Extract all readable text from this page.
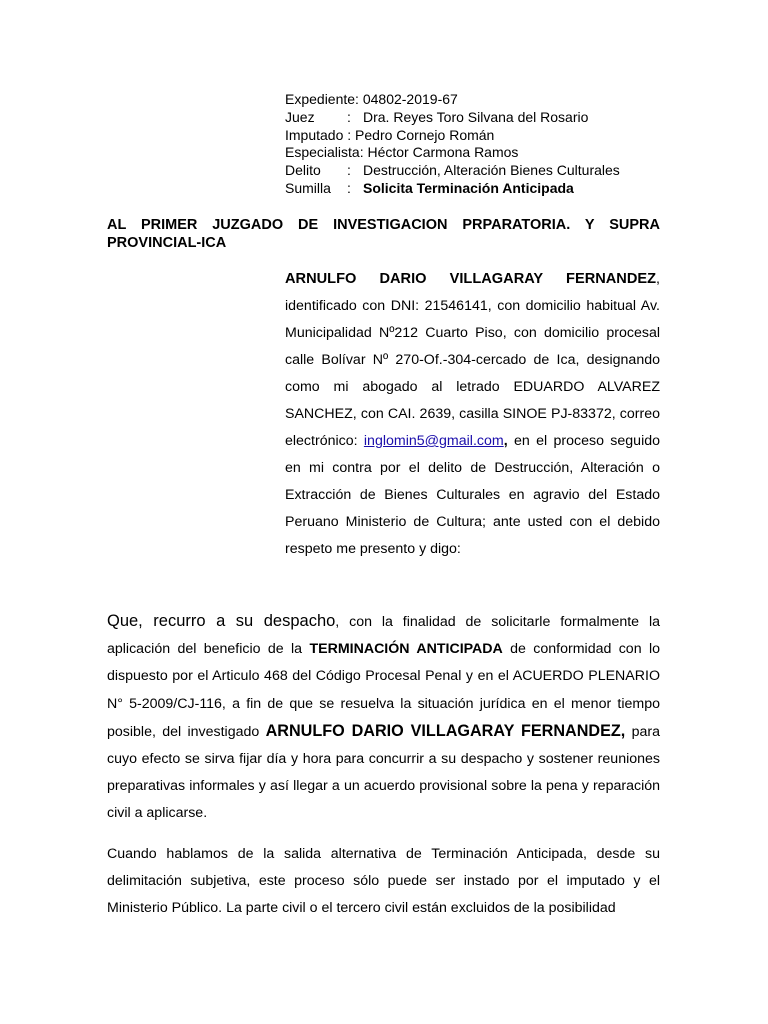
Expediente: 04802-2019-67
Juez	: Dra. Reyes Toro Silvana del Rosario
Imputado : Pedro Cornejo Román
Especialista: Héctor Carmona Ramos
Delito	: Destrucción, Alteración Bienes Culturales
Sumilla	: Solicita Terminación Anticipada
AL PRIMER JUZGADO DE INVESTIGACION PRPARATORIA. Y SUPRA PROVINCIAL-ICA
ARNULFO DARIO VILLAGARAY FERNANDEZ, identificado con DNI: 21546141, con domicilio habitual Av. Municipalidad Nº212 Cuarto Piso, con domicilio procesal calle Bolívar Nº 270-Of.-304-cercado de Ica, designando como mi abogado al letrado EDUARDO ALVAREZ SANCHEZ, con CAI. 2639, casilla SINOE PJ-83372, correo electrónico: inglomin5@gmail.com, en el proceso seguido en mi contra por el delito de Destrucción, Alteración o Extracción de Bienes Culturales en agravio del Estado Peruano Ministerio de Cultura; ante usted con el debido respeto me presento y digo:
Que, recurro a su despacho, con la finalidad de solicitarle formalmente la aplicación del beneficio de la TERMINACIÓN ANTICIPADA de conformidad con lo dispuesto por el Articulo 468 del Código Procesal Penal y en el ACUERDO PLENARIO N° 5-2009/CJ-116, a fin de que se resuelva la situación jurídica en el menor tiempo posible, del investigado ARNULFO DARIO VILLAGARAY FERNANDEZ, para cuyo efecto se sirva fijar día y hora para concurrir a su despacho y sostener reuniones preparativas informales y así llegar a un acuerdo provisional sobre la pena y reparación civil a aplicarse.
Cuando hablamos de la salida alternativa de Terminación Anticipada, desde su delimitación subjetiva, este proceso sólo puede ser instado por el imputado y el Ministerio Público. La parte civil o el tercero civil están excluidos de la posibilidad
